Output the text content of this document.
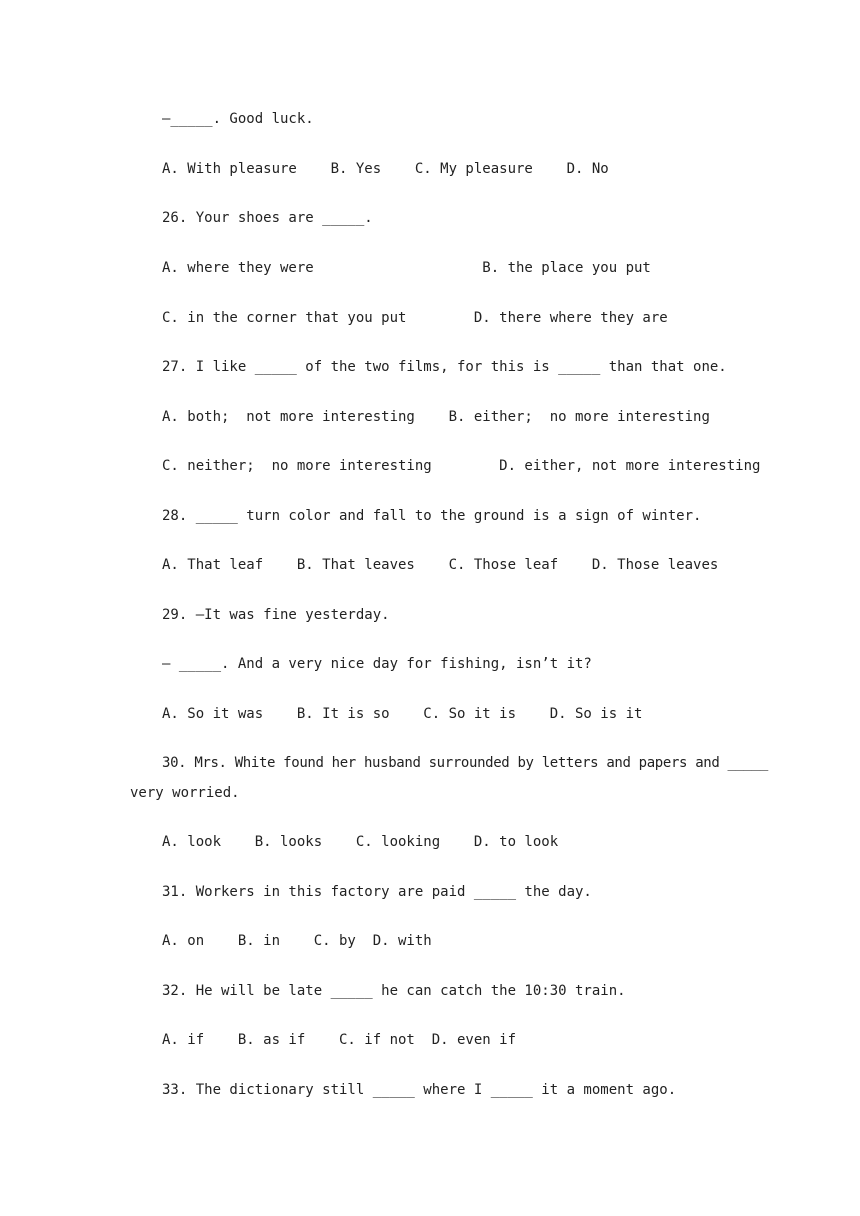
—_____. Good luck.
A. With pleasure    B. Yes    C. My pleasure    D. No
26. Your shoes are _____.
A. where they were                    B. the place you put
C. in the corner that you put        D. there where they are
27. I like _____ of the two films, for this is _____ than that one.
A. both;  not more interesting    B. either;  no more interesting
C. neither;  no more interesting        D. either, not more interesting
28. _____ turn color and fall to the ground is a sign of winter.
A. That leaf    B. That leaves    C. Those leaf    D. Those leaves
29. —It was fine yesterday.
— _____. And a very nice day for fishing, isn’t it?
A. So it was    B. It is so    C. So it is    D. So is it
30. Mrs. White found her husband surrounded by letters and papers and _____
very worried.
A. look    B. looks    C. looking    D. to look
31. Workers in this factory are paid _____ the day.
A. on    B. in    C. by  D. with
32. He will be late _____ he can catch the 10:30 train.
A. if    B. as if    C. if not  D. even if
33. The dictionary still _____ where I _____ it a moment ago.
